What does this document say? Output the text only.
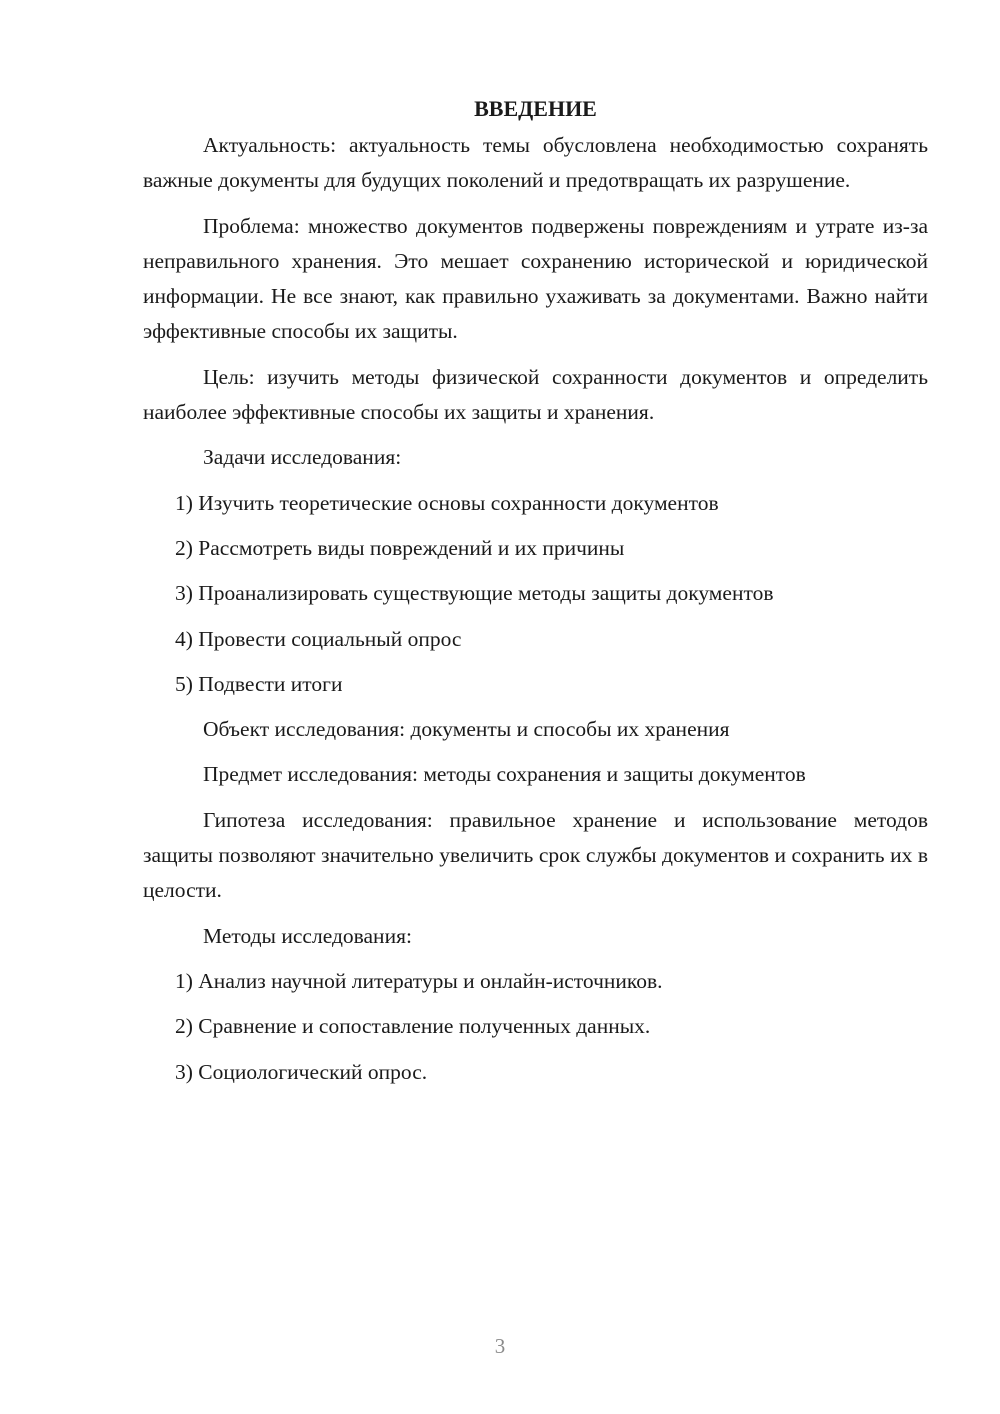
ВВЕДЕНИЕ

Актуальность: актуальность темы обусловлена необходимостью сохранять важные документы для будущих поколений и предотвращать их разрушение.

Проблема: множество документов подвержены повреждениям и утрате из-за неправильного хранения. Это мешает сохранению исторической и юридической информации. Не все знают, как правильно ухаживать за документами. Важно найти эффективные способы их защиты.

Цель: изучить методы физической сохранности документов и определить наиболее эффективные способы их защиты и хранения.

Задачи исследования:

1) Изучить теоретические основы сохранности документов
2) Рассмотреть виды повреждений и их причины
3) Проанализировать существующие методы защиты документов
4) Провести социальный опрос
5) Подвести итоги

Объект исследования: документы и способы их хранения

Предмет исследования: методы сохранения и защиты документов

Гипотеза исследования: правильное хранение и использование методов защиты позволяют значительно увеличить срок службы документов и сохранить их в целости.

Методы исследования:

1) Анализ научной литературы и онлайн-источников.
2) Сравнение и сопоставление полученных данных.
3) Социологический опрос.
3
